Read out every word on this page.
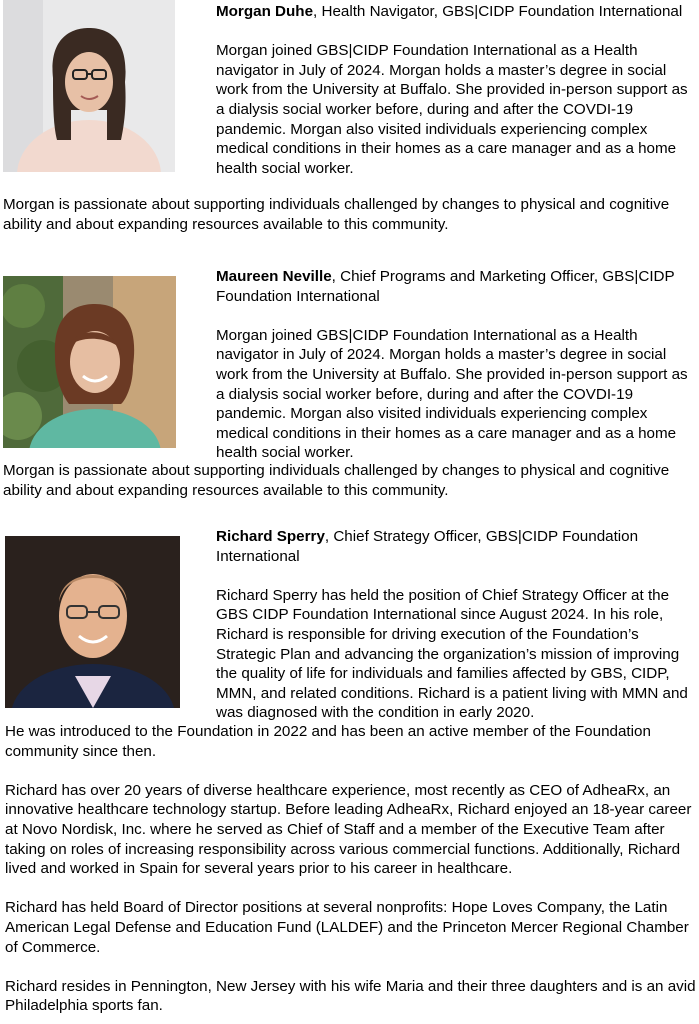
Morgan Duhe, Health Navigator, GBS|CIDP Foundation International

Morgan joined GBS|CIDP Foundation International as a Health navigator in July of 2024. Morgan holds a master’s degree in social work from the University at Buffalo. She provided in-person support as a dialysis social worker before, during and after the COVDI-19 pandemic. Morgan also visited individuals experiencing complex medical conditions in their homes as a care manager and as a home health social worker.

Morgan is passionate about supporting individuals challenged by changes to physical and cognitive ability and about expanding resources available to this community.

Maureen Neville, Chief Programs and Marketing Officer, GBS|CIDP Foundation International

Morgan joined GBS|CIDP Foundation International as a Health navigator in July of 2024. Morgan holds a master’s degree in social work from the University at Buffalo. She provided in-person support as a dialysis social worker before, during and after the COVDI-19 pandemic. Morgan also visited individuals experiencing complex medical conditions in their homes as a care manager and as a home health social worker.

Morgan is passionate about supporting individuals challenged by changes to physical and cognitive ability and about expanding resources available to this community.

Richard Sperry, Chief Strategy Officer, GBS|CIDP Foundation International

Richard Sperry has held the position of Chief Strategy Officer at the GBS CIDP Foundation International since August 2024. In his role, Richard is responsible for driving execution of the Foundation’s Strategic Plan and advancing the organization’s mission of improving the quality of life for individuals and families affected by GBS, CIDP, MMN, and related conditions. Richard is a patient living with MMN and was diagnosed with the condition in early 2020.

He was introduced to the Foundation in 2022 and has been an active member of the Foundation community since then.

Richard has over 20 years of diverse healthcare experience, most recently as CEO of AdheaRx, an innovative healthcare technology startup. Before leading AdheaRx, Richard enjoyed an 18-year career at Novo Nordisk, Inc. where he served as Chief of Staff and a member of the Executive Team after taking on roles of increasing responsibility across various commercial functions. Additionally, Richard lived and worked in Spain for several years prior to his career in healthcare.

Richard has held Board of Director positions at several nonprofits: Hope Loves Company, the Latin American Legal Defense and Education Fund (LALDEF) and the Princeton Mercer Regional Chamber of Commerce.

Richard resides in Pennington, New Jersey with his wife Maria and their three daughters and is an avid Philadelphia sports fan.
